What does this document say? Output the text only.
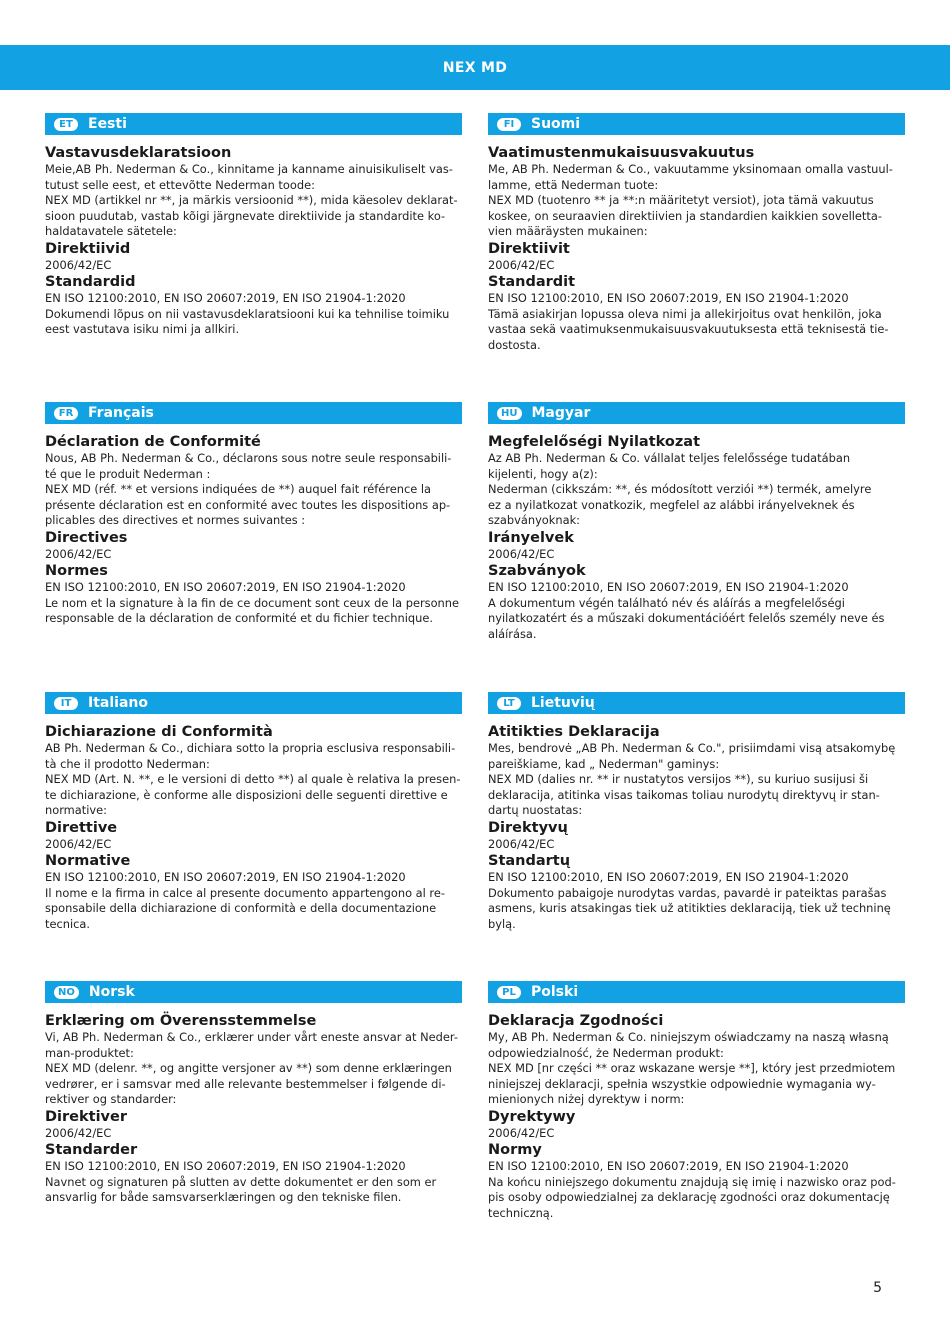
NEX MD
ET	Eesti
Vastavusdeklaratsioon
Meie,AB Ph. Nederman & Co., kinnitame ja kanname ainuisikuliselt vas-
tutust selle eest, et ettevõtte Nederman toode:
NEX MD (artikkel nr **, ja märkis versioonid **), mida käesolev deklarat-
sioon puudutab, vastab kõigi järgnevate direktiivide ja standardite ko-
haldatavatele sätetele:
Direktiivid
2006/42/EC
Standardid
EN ISO 12100:2010, EN ISO 20607:2019, EN ISO 21904-1:2020
Dokumendi lõpus on nii vastavusdeklaratsiooni kui ka tehnilise toimiku
eest vastutava isiku nimi ja allkiri.
FI	Suomi
Vaatimustenmukaisuusvakuutus
Me, AB Ph. Nederman & Co., vakuutamme yksinomaan omalla vastuul-
lamme, että Nederman tuote:
NEX MD (tuotenro ** ja **:n määritetyt versiot), jota tämä vakuutus
koskee, on seuraavien direktiivien ja standardien kaikkien sovelletta-
vien määräysten mukainen:
Direktiivit
2006/42/EC
Standardit
EN ISO 12100:2010, EN ISO 20607:2019, EN ISO 21904-1:2020
Tämä asiakirjan lopussa oleva nimi ja allekirjoitus ovat henkilön, joka
vastaa sekä vaatimuksenmukaisuusvakuutuksesta että teknisestä tie-
dostosta.
FR	Français
Déclaration de Conformité
Nous, AB Ph. Nederman & Co., déclarons sous notre seule responsabili-
té que le produit Nederman :
NEX MD (réf. ** et versions indiquées de **) auquel fait référence la
présente déclaration est en conformité avec toutes les dispositions ap-
plicables des directives et normes suivantes :
Directives
2006/42/EC
Normes
EN ISO 12100:2010, EN ISO 20607:2019, EN ISO 21904-1:2020
Le nom et la signature à la fin de ce document sont ceux de la personne
responsable de la déclaration de conformité et du fichier technique.
HU Magyar
Megfelelőségi Nyilatkozat
Az AB Ph. Nederman & Co. vállalat teljes felelőssége tudatában
kijelenti, hogy a(z):
Nederman (cikkszám: **, és módosított verziói **) termék, amelyre
ez a nyilatkozat vonatkozik, megfelel az alábbi irányelveknek és
szabványoknak:
Irányelvek
2006/42/EC
Szabványok
EN ISO 12100:2010, EN ISO 20607:2019, EN ISO 21904-1:2020
A dokumentum végén található név és aláírás a megfelelőségi
nyilatkozatért és a műszaki dokumentációért felelős személy neve és
aláírása.
IT	Italiano
Dichiarazione di Conformità
AB Ph. Nederman & Co., dichiara sotto la propria esclusiva responsabili-
tà che il prodotto Nederman:
NEX MD (Art. N. **, e le versioni di detto **) al quale è relativa la presen-
te dichiarazione, è conforme alle disposizioni delle seguenti direttive e
normative:
Direttive
2006/42/EC
Normative
EN ISO 12100:2010, EN ISO 20607:2019, EN ISO 21904-1:2020
Il nome e la firma in calce al presente documento appartengono al re-
sponsabile della dichiarazione di conformità e della documentazione
tecnica.
LT	Lietuvių
Atitikties Deklaracija
Mes, bendrovė „AB Ph. Nederman & Co.", prisiimdami visą atsakomybę
pareiškiame, kad „ Nederman" gaminys:
NEX MD (dalies nr. ** ir nustatytos versijos **), su kuriuo susijusi ši
deklaracija, atitinka visas taikomas toliau nurodytų direktyvų ir stan-
dartų nuostatas:
Direktyvų
2006/42/EC
Standartų
EN ISO 12100:2010, EN ISO 20607:2019, EN ISO 21904-1:2020
Dokumento pabaigoje nurodytas vardas, pavardė ir pateiktas parašas
asmens, kuris atsakingas tiek už atitikties deklaraciją, tiek už techninę
bylą.
NO Norsk
Erklæring om Överensstemmelse
Vi, AB Ph. Nederman & Co., erklærer under vårt eneste ansvar at Neder-
man-produktet:
NEX MD (delenr. **, og angitte versjoner av **) som denne erklæringen
vedrører, er i samsvar med alle relevante bestemmelser i følgende di-
rektiver og standarder:
Direktiver
2006/42/EC
Standarder
EN ISO 12100:2010, EN ISO 20607:2019, EN ISO 21904-1:2020
Navnet og signaturen på slutten av dette dokumentet er den som er
ansvarlig for både samsvarserklæringen og den tekniske filen.
PL	Polski
Deklaracja Zgodności
My, AB Ph. Nederman & Co. niniejszym oświadczamy na naszą własną
odpowiedzialność, że Nederman produkt:
NEX MD [nr części ** oraz wskazane wersje **], który jest przedmiotem
niniejszej deklaracji, spełnia wszystkie odpowiednie wymagania wy-
mienionych niżej dyrektyw i norm:
Dyrektywy
2006/42/EC
Normy
EN ISO 12100:2010, EN ISO 20607:2019, EN ISO 21904-1:2020
Na końcu niniejszego dokumentu znajdują się imię i nazwisko oraz pod-
pis osoby odpowiedzialnej za deklarację zgodności oraz dokumentację
techniczną.
5
